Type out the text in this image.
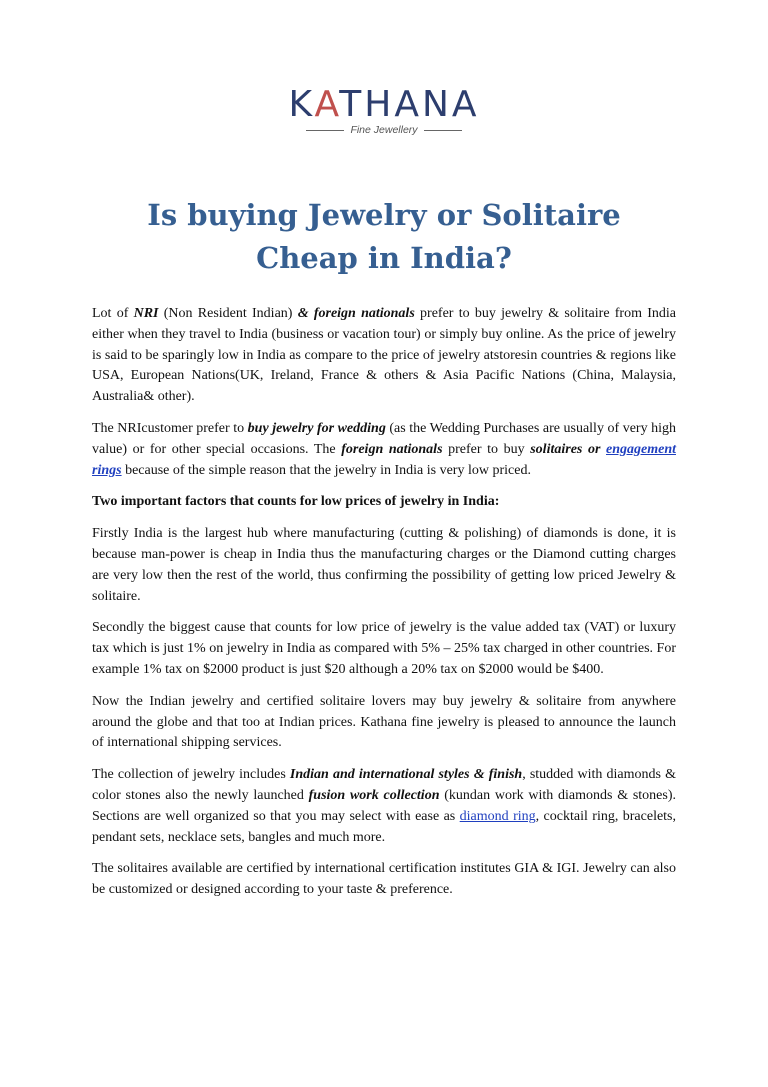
KATHANA
Fine Jewellery
Is buying Jewelry or Solitaire
Cheap in India?

Lot of NRI (Non Resident Indian) & foreign nationals prefer to buy jewelry & solitaire from India either when they travel to India (business or vacation tour) or simply buy online. As the price of jewelry is said to be sparingly low in India as compare to the price of jewelry atstoresin countries & regions like USA, European Nations(UK, Ireland, France & others & Asia Pacific Nations (China, Malaysia, Australia& other).

The NRIcustomer prefer to buy jewelry for wedding (as the Wedding Purchases are usually of very high value) or for other special occasions. The foreign nationals prefer to buy solitaires or engagement rings because of the simple reason that the jewelry in India is very low priced.

Two important factors that counts for low prices of jewelry in India:

Firstly India is the largest hub where manufacturing (cutting & polishing) of diamonds is done, it is because man-power is cheap in India thus the manufacturing charges or the Diamond cutting charges are very low then the rest of the world, thus confirming the possibility of getting low priced Jewelry & solitaire.

Secondly the biggest cause that counts for low price of jewelry is the value added tax (VAT) or luxury tax which is just 1% on jewelry in India as compared with 5% – 25% tax charged in other countries. For example 1% tax on $2000 product is just $20 although a 20% tax on $2000 would be $400.

Now the Indian jewelry and certified solitaire lovers may buy jewelry & solitaire from anywhere around the globe and that too at Indian prices. Kathana fine jewelry is pleased to announce the launch of international shipping services.

The collection of jewelry includes Indian and international styles & finish, studded with diamonds & color stones also the newly launched fusion work collection (kundan work with diamonds & stones). Sections are well organized so that you may select with ease as diamond ring, cocktail ring, bracelets, pendant sets, necklace sets, bangles and much more.

The solitaires available are certified by international certification institutes GIA & IGI. Jewelry can also be customized or designed according to your taste & preference.
